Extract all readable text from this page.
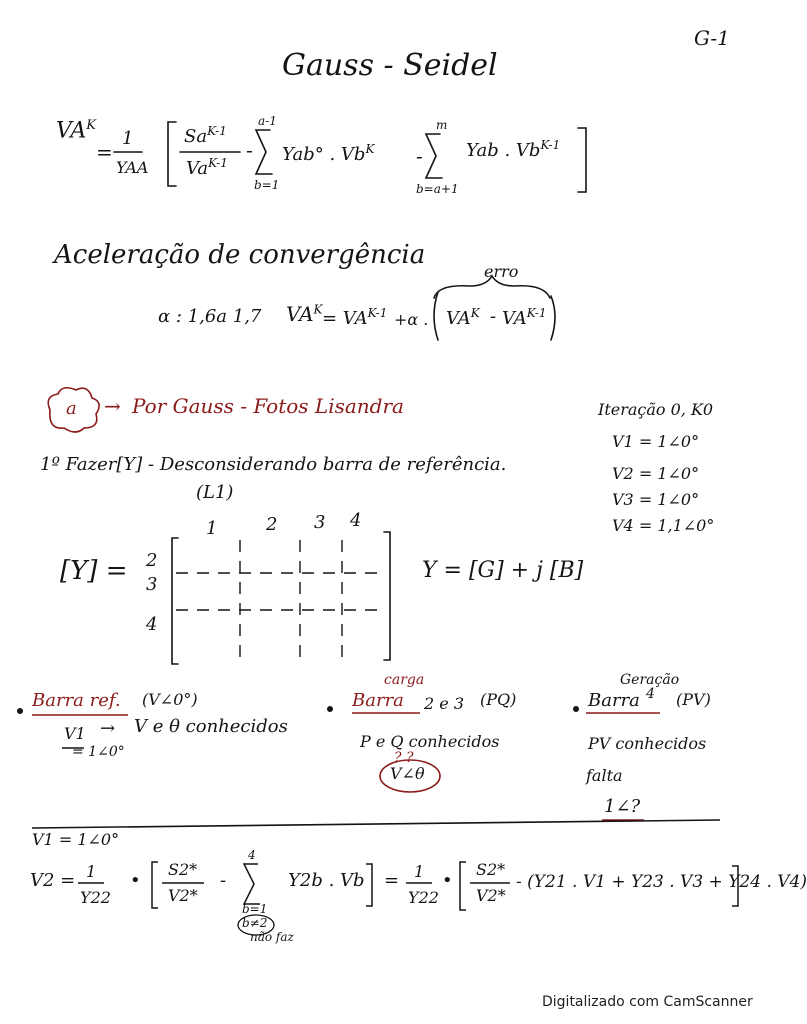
G-1
Gauss - Seidel
$VA^K$
=
1
YAA
$Sa^{K-1}$
$Va^{K-1}$
-
a-1
b=1
Yab° . $Vb^K$ -
m
b=a+1
Yab . $Vb^{K-1}$
Aceleração de convergência
erro
α : 1,6a 1,7 $VA^K = VA^{K-1} +\alpha$ . $VA^K - VA^{K-1}$
a → Por Gauss - Fotos Lisandra
1º Fazer[Y] - Desconsiderando barra de referência.
(L1)
Iteração 0, K0
V1 = 1∠0°
V2 = 1∠0°
V3 = 1∠0°
V4 = 1,1∠0°
[Y] =
1	2 3 4
2
3
4
Y = [G] + j [B]
Barra ref. (V∠0°)
V1 → V e θ conhecidos
= 1∠0°
carga
Barra 2 e 3 (PQ)
P e Q conhecidos
? ?
V∠θ
Geração
Barra 4 (PV)
PV conhecidos
falta
1∠?
V1 = 1∠0°
V2 = 1
Y22
•
S2*
V2*
-
4
b=1
b≠2
não faz
Y2b . Vb = 1
Y22
•
S2*
V2*
- (Y21 . V1 + Y23 . V3 + Y24 . V4)
Digitalizado com CamScanner
